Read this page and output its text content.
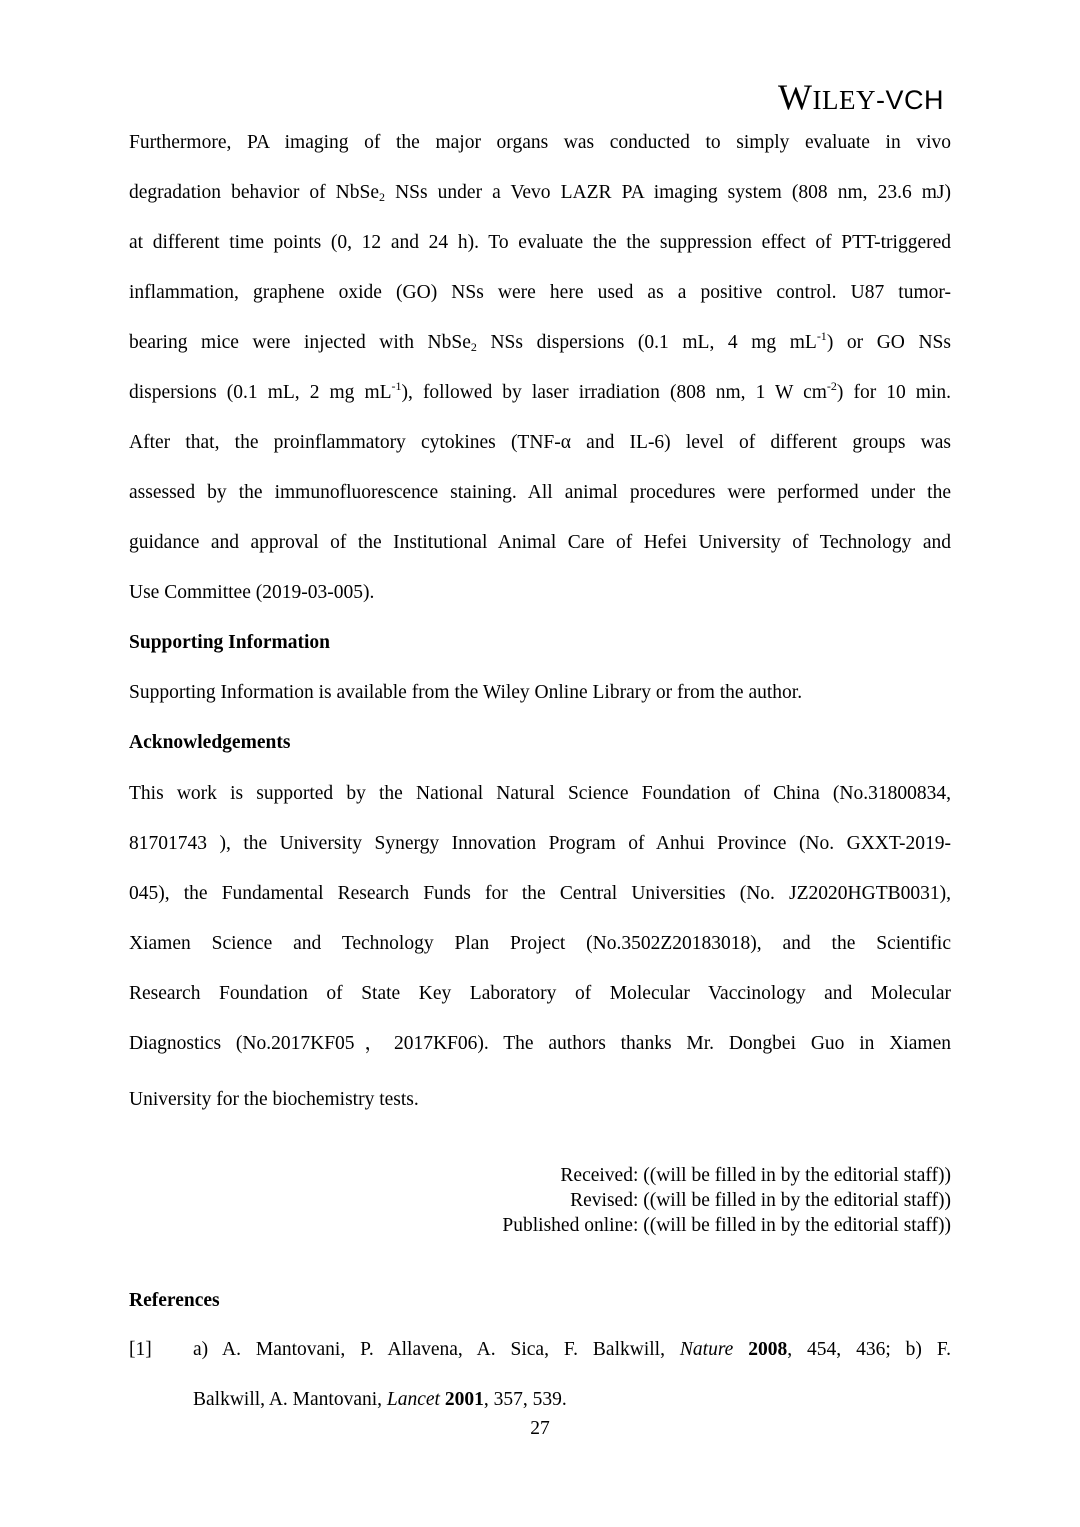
WILEY-VCH
Furthermore, PA imaging of the major organs was conducted to simply evaluate in vivo
degradation behavior of NbSe$_2$ NSs under a Vevo LAZR PA imaging system (808 nm, 23.6 mJ)
at different time points (0, 12 and 24 h). To evaluate the the suppression effect of PTT-triggered
inflammation, graphene oxide (GO) NSs were here used as a positive control. U87 tumor-
bearing mice were injected with NbSe$_2$ NSs dispersions (0.1 mL, 4 mg $mL^{-1}$) or GO NSs
dispersions (0.1 mL, 2 mg $mL^{-1}$), followed by laser irradiation (808 nm, 1 W $cm^{-2}$) for 10 min.
After that, the proinflammatory cytokines (TNF-α and IL-6) level of different groups was
assessed by the immunofluorescence staining. All animal procedures were performed under the
guidance and approval of the Institutional Animal Care of Hefei University of Technology and
Use Committee (2019-03-005).
Supporting Information
Supporting Information is available from the Wiley Online Library or from the author.
Acknowledgements
This work is supported by the National Natural Science Foundation of China (No.31800834,
81701743 ), the University Synergy Innovation Program of Anhui Province (No. GXXT-2019-
045), the Fundamental Research Funds for the Central Universities (No. JZ2020HGTB0031),
Xiamen Science and Technology Plan Project (No.3502Z20183018), and the Scientific
Research Foundation of State Key Laboratory of Molecular Vaccinology and Molecular
Diagnostics (No.2017KF05，2017KF06). The authors thanks Mr. Dongbei Guo in Xiamen
University for the biochemistry tests.
Received: ((will be filled in by the editorial staff))
Revised: ((will be filled in by the editorial staff))
Published online: ((will be filled in by the editorial staff))
References
[1] a) A. Mantovani, P. Allavena, A. Sica, F. Balkwill, Nature 2008, 454, 436; b) F.
Balkwill, A. Mantovani, Lancet 2001, 357, 539.
27
